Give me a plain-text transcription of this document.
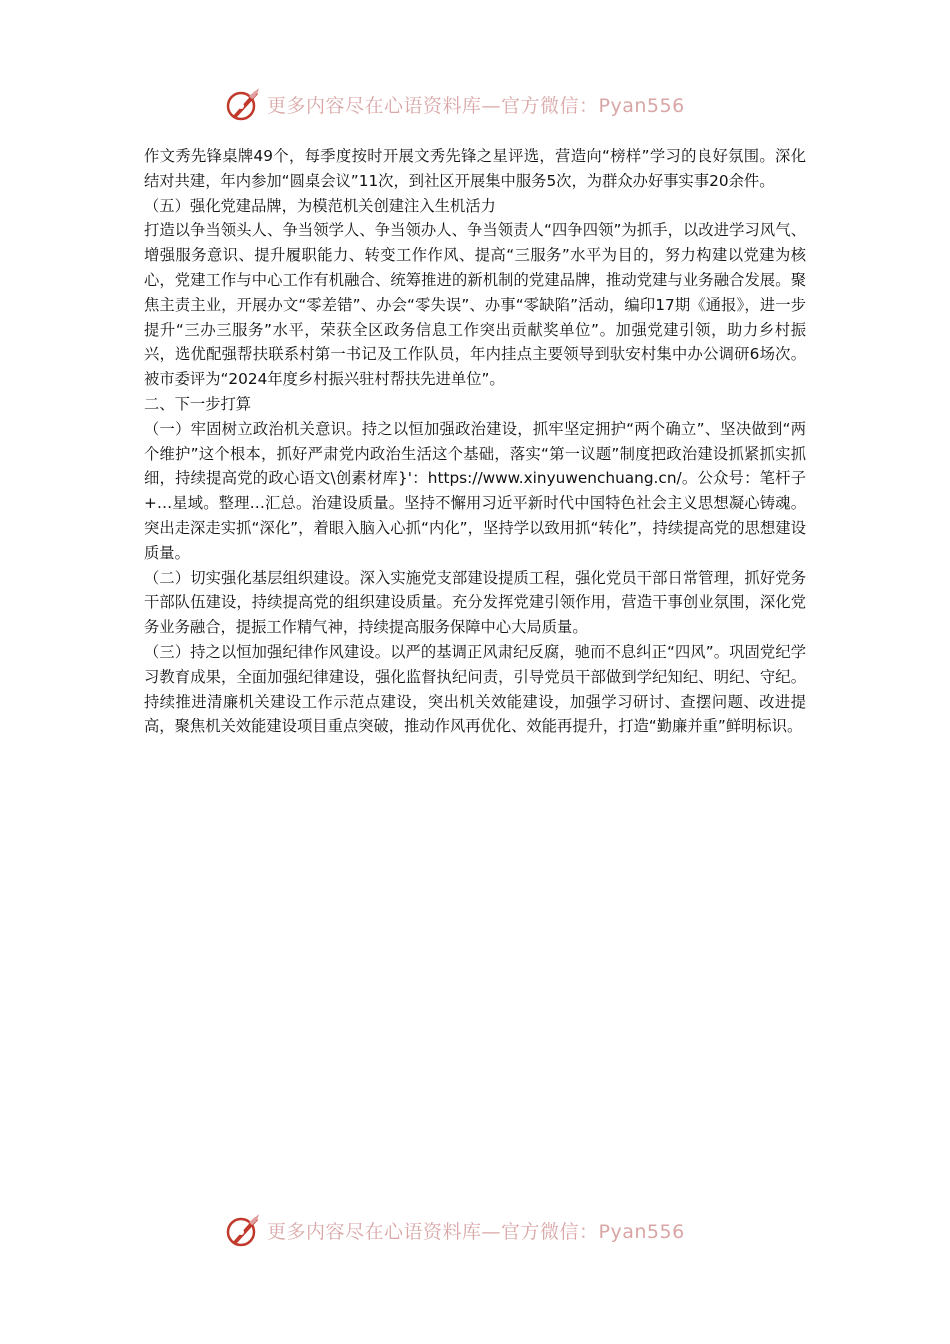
更多内容尽在心语资料库—官方微信：Pyan556

作文秀先锋桌牌49个，每季度按时开展文秀先锋之星评选，营造向“榜样”学习的良好氛围。深化结对共建，年内参加“圆桌会议”11次，到社区开展集中服务5次，为群众办好事实事20余件。

（五）强化党建品牌，为模范机关创建注入生机活力

打造以争当领头人、争当领学人、争当领办人、争当领责人“四争四领”为抓手，以改进学习风气、增强服务意识、提升履职能力、转变工作作风、提高“三服务”水平为目的，努力构建以党建为核心，党建工作与中心工作有机融合、统筹推进的新机制的党建品牌，推动党建与业务融合发展。聚焦主责主业，开展办文“零差错”、办会“零失误”、办事“零缺陷”活动，编印17期《通报》，进一步提升“三办三服务”水平，荣获全区政务信息工作突出贡献奖单位”。加强党建引领，助力乡村振兴，选优配强帮扶联系村第一书记及工作队员，年内挂点主要领导到驮安村集中办公调研6场次。被市委评为“2024年度乡村振兴驻村帮扶先进单位”。

二、下一步打算

（一）牢固树立政治机关意识。持之以恒加强政治建设，抓牢坚定拥护“两个确立”、坚决做到“两个维护”这个根本，抓好严肃党内政治生活这个基础，落实“第一议题”制度把政治建设抓紧抓实抓细，持续提高党的政心语文\创素材库}'：https://www.xinyuwenchuang.cn/。公众号：笔杆子+…星域。整理…汇总。治建设质量。坚持不懈用习近平新时代中国特色社会主义思想凝心铸魂。突出走深走实抓“深化”，着眼入脑入心抓“内化”，坚持学以致用抓“转化”，持续提高党的思想建设质量。

（二）切实强化基层组织建设。深入实施党支部建设提质工程，强化党员干部日常管理，抓好党务干部队伍建设，持续提高党的组织建设质量。充分发挥党建引领作用，营造干事创业氛围，深化党务业务融合，提振工作精气神，持续提高服务保障中心大局质量。

（三）持之以恒加强纪律作风建设。以严的基调正风肃纪反腐，驰而不息纠正“四风”。巩固党纪学习教育成果，全面加强纪律建设，强化监督执纪问责，引导党员干部做到学纪知纪、明纪、守纪。持续推进清廉机关建设工作示范点建设，突出机关效能建设，加强学习研讨、查摆问题、改进提高，聚焦机关效能建设项目重点突破，推动作风再优化、效能再提升，打造“勤廉并重”鲜明标识。

更多内容尽在心语资料库—官方微信：Pyan556
